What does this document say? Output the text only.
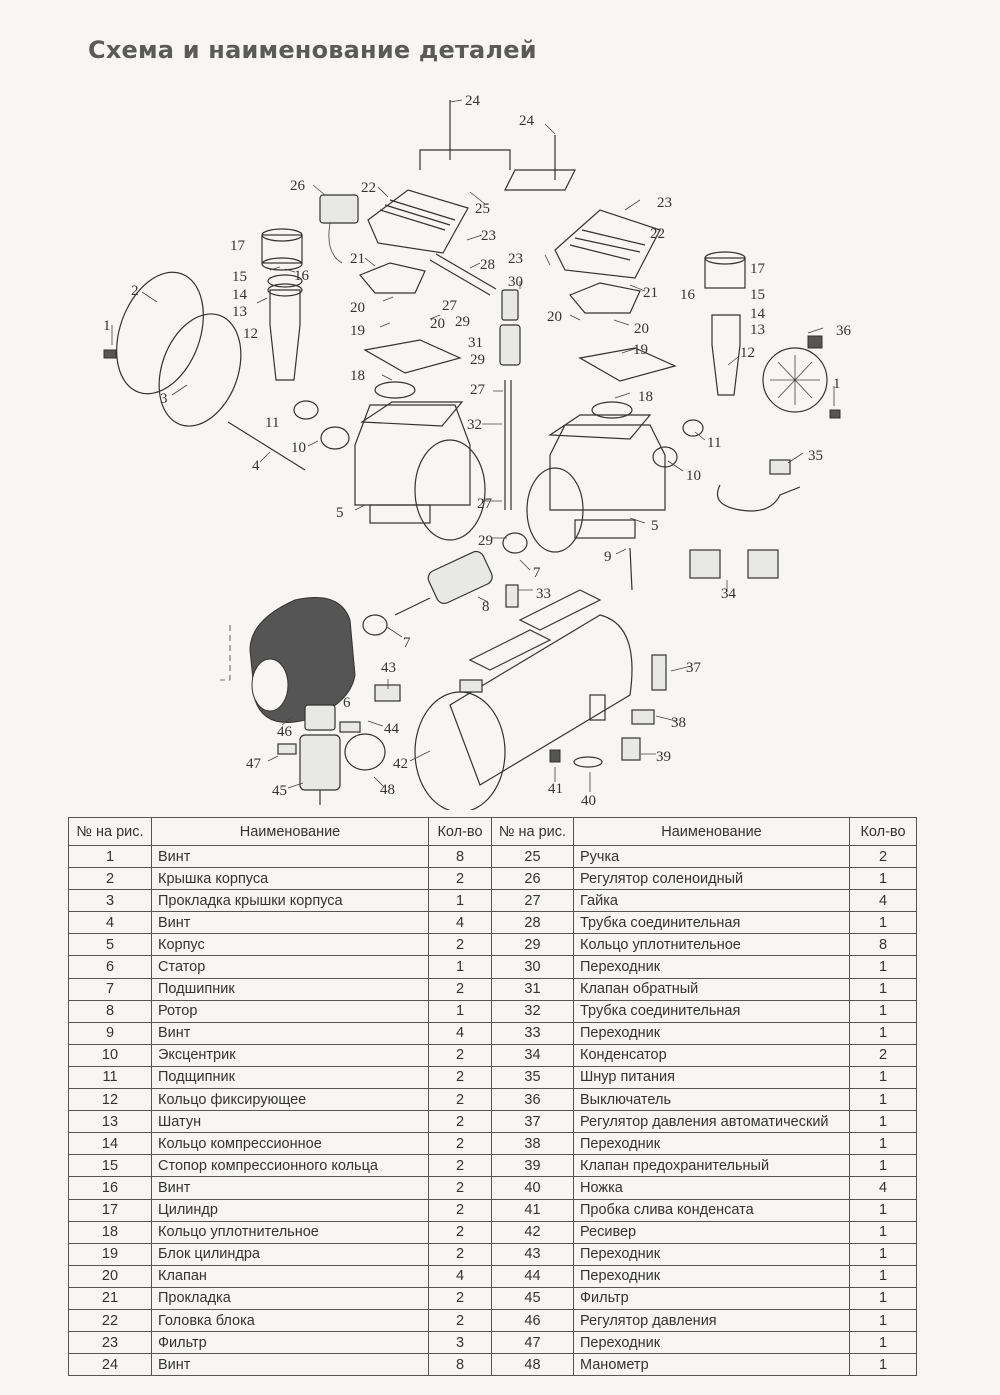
Схема и наименование деталей
1
1
2
3
4
5
5
6
7
7
8
9
10
10
11
11
12
12
13
13
14
14
15
15
16
16
17
17
18
18
19
19
20
20	20
20
21
21
22
22
23
23
23
24
24
25
26
27
27
27
28
29
29
29
30
31
32
33	34
35
36
37
38
39
40
41
42
43
44
45
46
47
48
№ на рис.	Наименование	Кол-во	№ на рис.	Наименование	Кол-во
1	Винт	8	25	Ручка	2
2	Крышка корпуса	2	26	Регулятор соленоидный	1
3	Прокладка крышки корпуса	1	27	Гайка	4
4	Винт	4	28	Трубка соединительная	1
5	Корпус	2	29	Кольцо уплотнительное	8
6	Статор	1	30	Переходник	1
7	Подшипник	2	31	Клапан обратный	1
8	Ротор	1	32	Трубка соединительная	1
9	Винт	4	33	Переходник	1
10	Эксцентрик	2	34	Конденсатор	2
11	Подщипник	2	35	Шнур питания	1
12	Кольцо фиксирующее	2	36	Выключатель	1
13	Шатун	2	37	Регулятор давления автоматический	1
14	Кольцо компрессионное	2	38	Переходник	1
15	Стопор компрессионного кольца	2	39	Клапан предохранительный	1
16	Винт	2	40	Ножка	4
17	Цилиндр	2	41	Пробка слива конденсата	1
18	Кольцо уплотнительное	2	42	Ресивер	1
19	Блок цилиндра	2	43	Переходник	1
20	Клапан	4	44	Переходник	1
21	Прокладка	2	45	Фильтр	1
22	Головка блока	2	46	Регулятор давления	1
23	Фильтр	3	47	Переходник	1
24	Винт	8	48	Манометр	1
